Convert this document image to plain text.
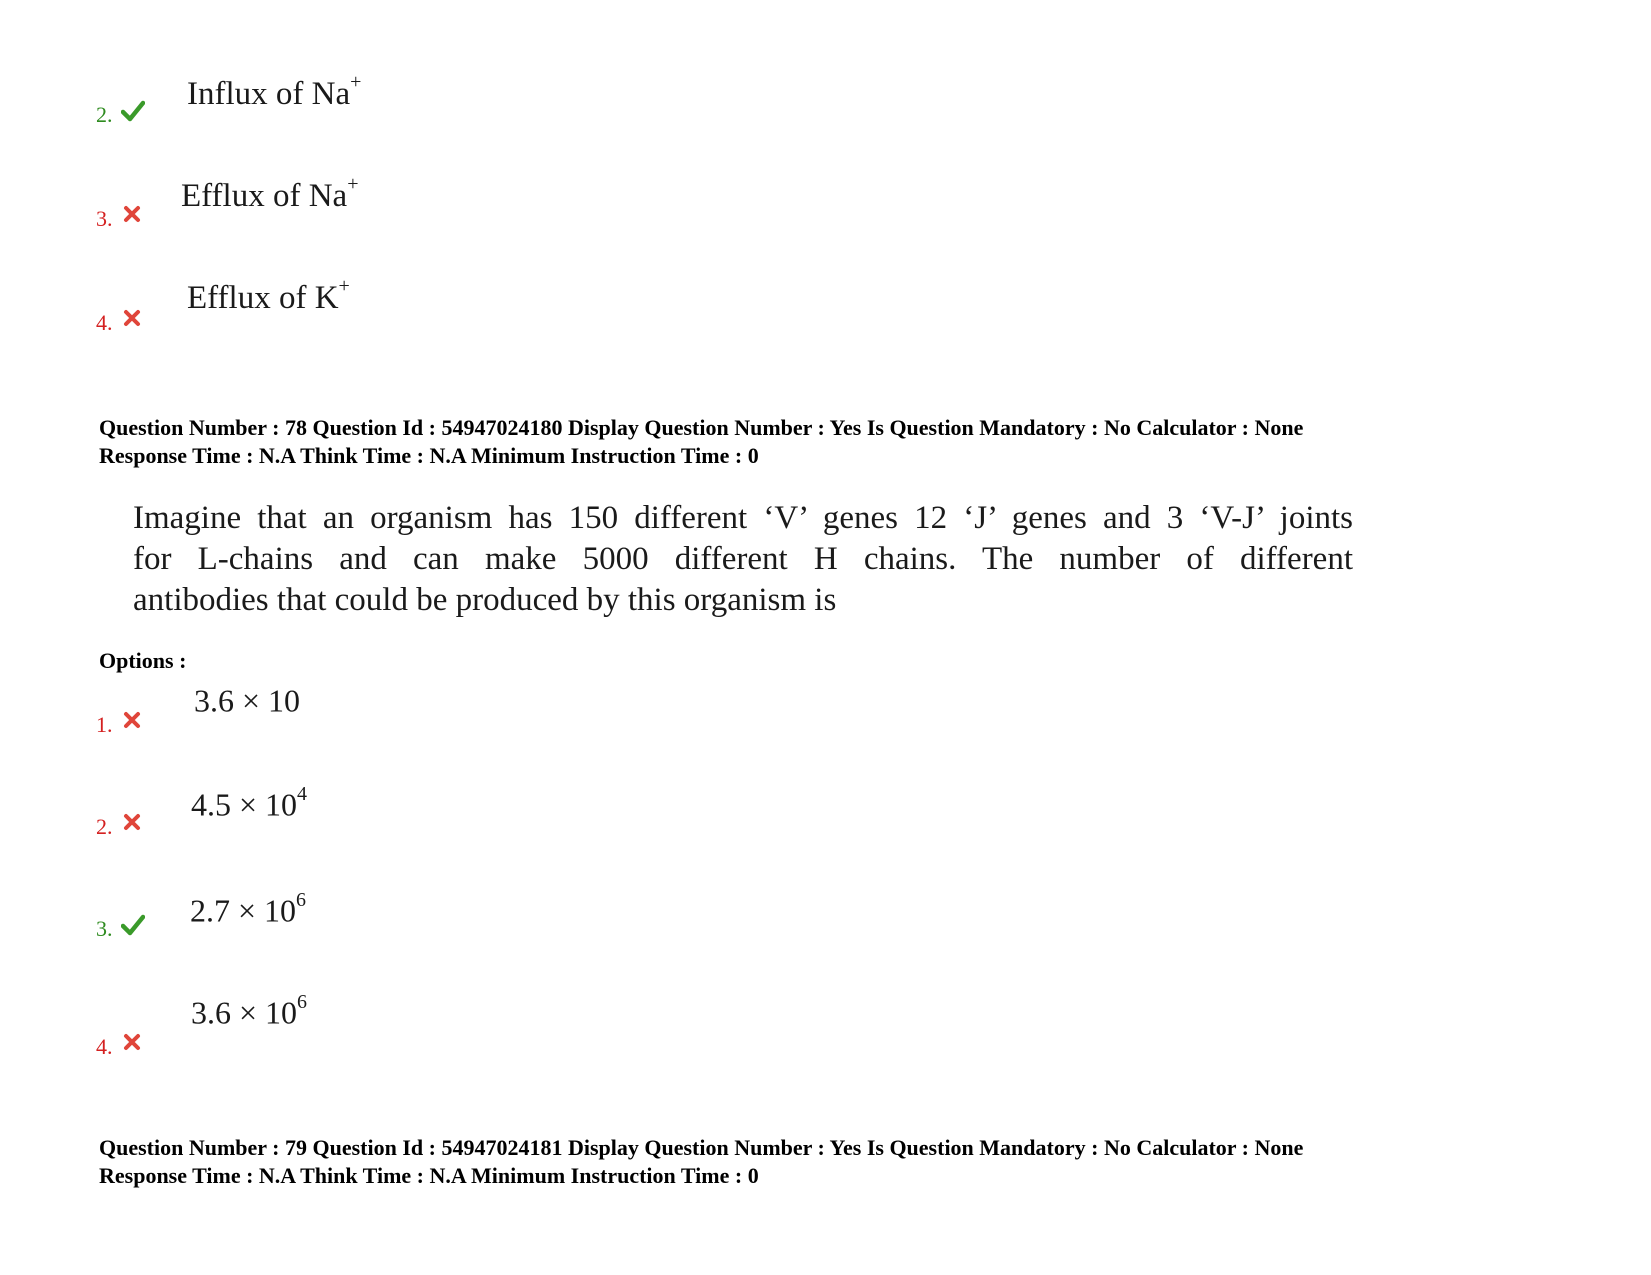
2.
Influx of Na+
3.
Efflux of Na+
4.
Efflux of K+
Question Number : 78 Question Id : 54947024180 Display Question Number : Yes Is Question Mandatory : No Calculator : None
Response Time : N.A Think Time : N.A Minimum Instruction Time : 0
Imagine that an organism has 150 different ‘V’ genes 12 ‘J’ genes and 3 ‘V-J’ joints
for L-chains and can make 5000 different H chains. The number of different
antibodies that could be produced by this organism is
Options :
1.
3.6 × 10
2.
$4.5 \times 10^4$
3. $2.7 \times 10^6$
4.
$3.6 \times 10^6$
Question Number : 79 Question Id : 54947024181 Display Question Number : Yes Is Question Mandatory : No Calculator : None
Response Time : N.A Think Time : N.A Minimum Instruction Time : 0
